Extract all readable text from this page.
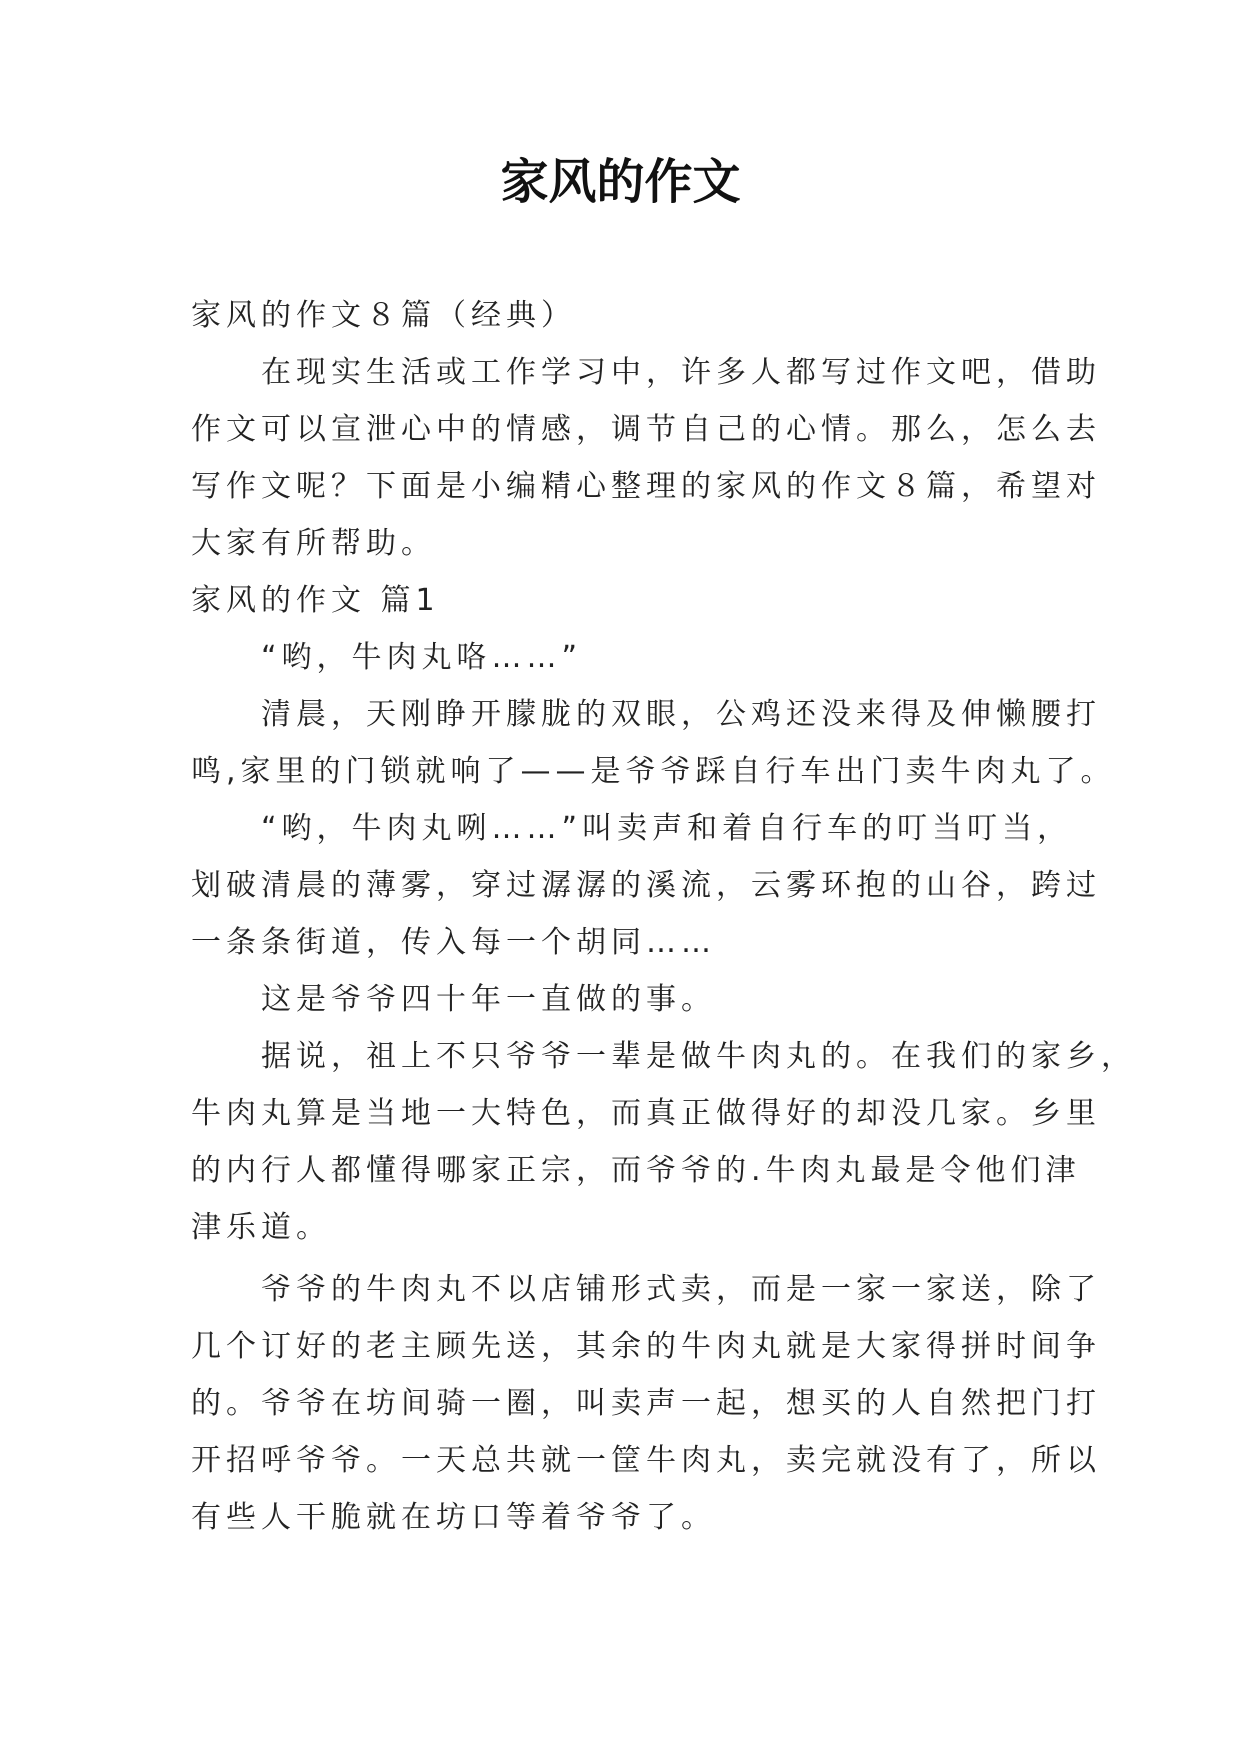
家风的作文

家风的作文８篇（经典）

在现实生活或工作学习中，许多人都写过作文吧，借助

作文可以宣泄心中的情感，调节自己的心情。那么，怎么去

写作文呢？下面是小编精心整理的家风的作文８篇，希望对

大家有所帮助。

家风的作文 篇1

“哟，牛肉丸咯……”

清晨，天刚睁开朦胧的双眼，公鸡还没来得及伸懒腰打

鸣,家里的门锁就响了——是爷爷踩自行车出门卖牛肉丸了。

“哟，牛肉丸咧……”叫卖声和着自行车的叮当叮当，

划破清晨的薄雾，穿过潺潺的溪流，云雾环抱的山谷，跨过

一条条街道，传入每一个胡同……

这是爷爷四十年一直做的事。

据说，祖上不只爷爷一辈是做牛肉丸的。在我们的家乡，

牛肉丸算是当地一大特色，而真正做得好的却没几家。乡里

的内行人都懂得哪家正宗，而爷爷的.牛肉丸最是令他们津

津乐道。

爷爷的牛肉丸不以店铺形式卖，而是一家一家送，除了

几个订好的老主顾先送，其余的牛肉丸就是大家得拼时间争

的。爷爷在坊间骑一圈，叫卖声一起，想买的人自然把门打

开招呼爷爷。一天总共就一筐牛肉丸，卖完就没有了，所以

有些人干脆就在坊口等着爷爷了。
